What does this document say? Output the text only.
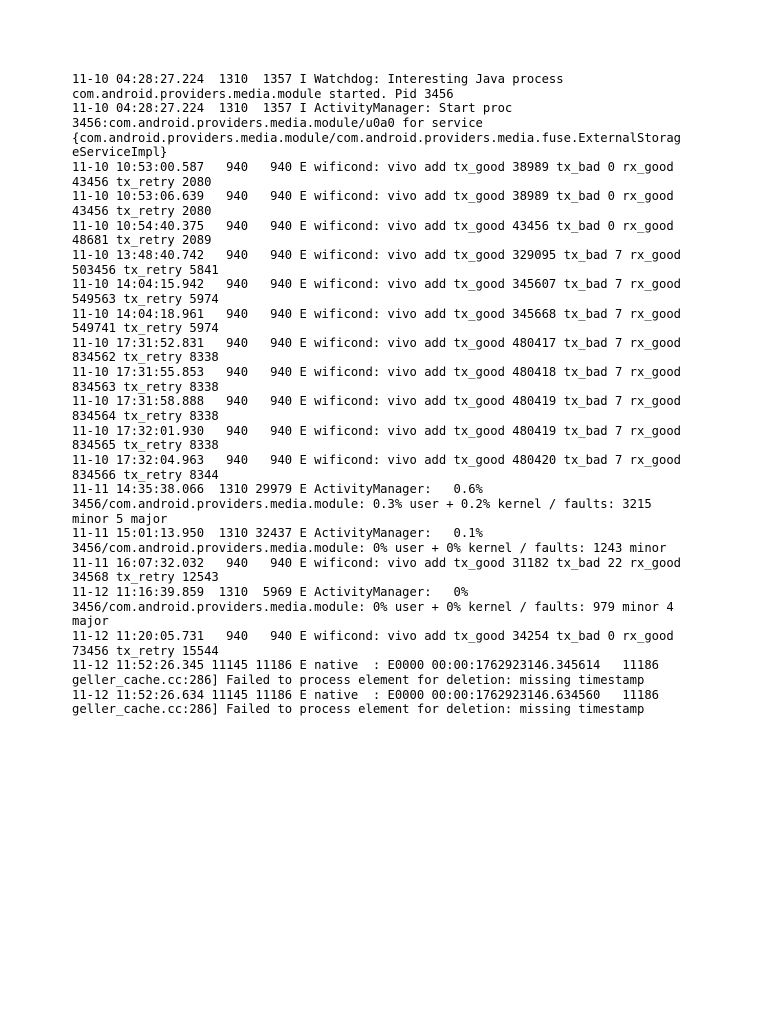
11-10 04:28:27.224  1310  1357 I Watchdog: Interesting Java process
com.android.providers.media.module started. Pid 3456
11-10 04:28:27.224  1310  1357 I ActivityManager: Start proc
3456:com.android.providers.media.module/u0a0 for service
{com.android.providers.media.module/com.android.providers.media.fuse.ExternalStorag
eServiceImpl}
11-10 10:53:00.587   940   940 E wificond: vivo add tx_good 38989 tx_bad 0 rx_good
43456 tx_retry 2080
11-10 10:53:06.639   940   940 E wificond: vivo add tx_good 38989 tx_bad 0 rx_good
43456 tx_retry 2080
11-10 10:54:40.375   940   940 E wificond: vivo add tx_good 43456 tx_bad 0 rx_good
48681 tx_retry 2089
11-10 13:48:40.742   940   940 E wificond: vivo add tx_good 329095 tx_bad 7 rx_good
503456 tx_retry 5841
11-10 14:04:15.942   940   940 E wificond: vivo add tx_good 345607 tx_bad 7 rx_good
549563 tx_retry 5974
11-10 14:04:18.961   940   940 E wificond: vivo add tx_good 345668 tx_bad 7 rx_good
549741 tx_retry 5974
11-10 17:31:52.831   940   940 E wificond: vivo add tx_good 480417 tx_bad 7 rx_good
834562 tx_retry 8338
11-10 17:31:55.853   940   940 E wificond: vivo add tx_good 480418 tx_bad 7 rx_good
834563 tx_retry 8338
11-10 17:31:58.888   940   940 E wificond: vivo add tx_good 480419 tx_bad 7 rx_good
834564 tx_retry 8338
11-10 17:32:01.930   940   940 E wificond: vivo add tx_good 480419 tx_bad 7 rx_good
834565 tx_retry 8338
11-10 17:32:04.963   940   940 E wificond: vivo add tx_good 480420 tx_bad 7 rx_good
834566 tx_retry 8344
11-11 14:35:38.066  1310 29979 E ActivityManager:   0.6%
3456/com.android.providers.media.module: 0.3% user + 0.2% kernel / faults: 3215
minor 5 major
11-11 15:01:13.950  1310 32437 E ActivityManager:   0.1%
3456/com.android.providers.media.module: 0% user + 0% kernel / faults: 1243 minor
11-11 16:07:32.032   940   940 E wificond: vivo add tx_good 31182 tx_bad 22 rx_good
34568 tx_retry 12543
11-12 11:16:39.859  1310  5969 E ActivityManager:   0%
3456/com.android.providers.media.module: 0% user + 0% kernel / faults: 979 minor 4
major
11-12 11:20:05.731   940   940 E wificond: vivo add tx_good 34254 tx_bad 0 rx_good
73456 tx_retry 15544
11-12 11:52:26.345 11145 11186 E native  : E0000 00:00:1762923146.345614   11186
geller_cache.cc:286] Failed to process element for deletion: missing timestamp
11-12 11:52:26.634 11145 11186 E native  : E0000 00:00:1762923146.634560   11186
geller_cache.cc:286] Failed to process element for deletion: missing timestamp
